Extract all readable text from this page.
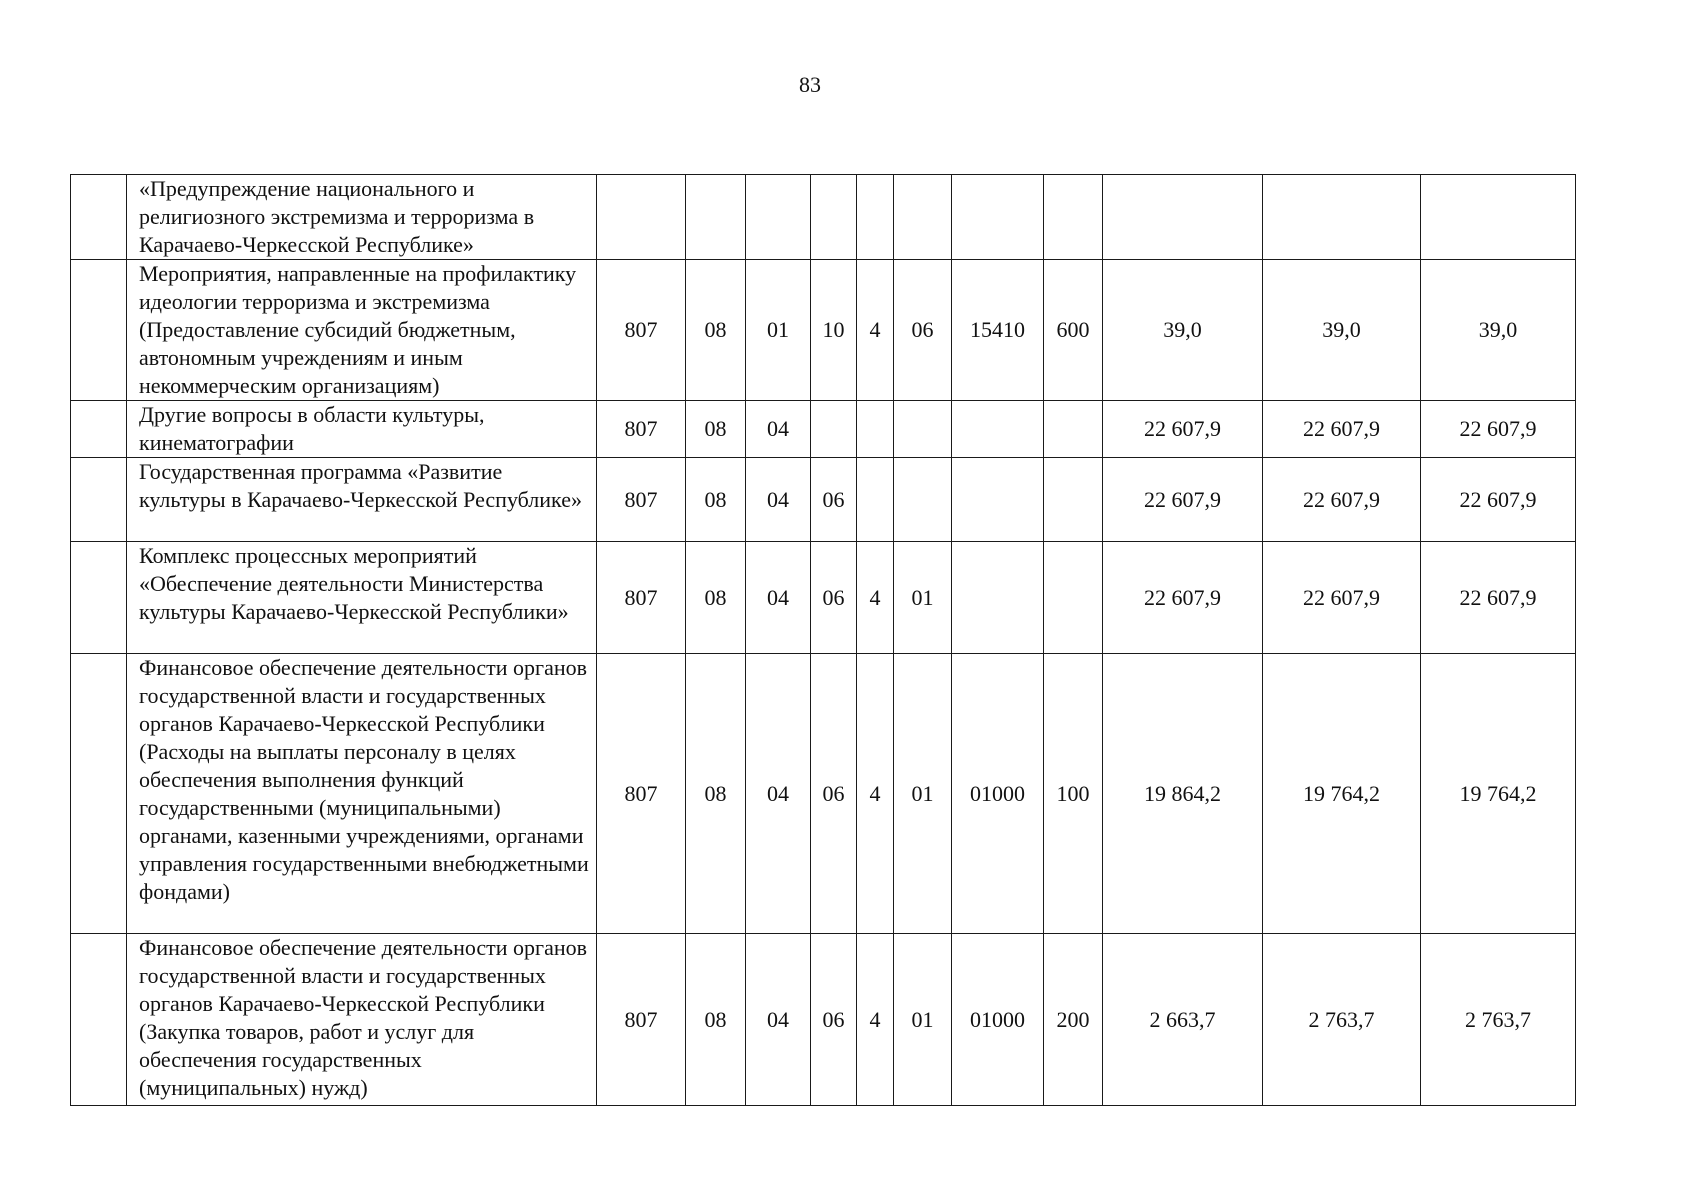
83
	«Предупреждение национального и религиозного экстремизма и терроризма в Карачаево-Черкесской Республике»											
	Мероприятия, направленные на профилактику идеологии терроризма и экстремизма (Предоставление субсидий бюджетным, автономным учреждениям и иным некоммерческим организациям)	807	08	01	10	4	06	15410	600	39,0	39,0	39,0
	Другие вопросы в области культуры, кинематографии	807	08	04						22 607,9	22 607,9	22 607,9
	Государственная программа «Развитие культуры в Карачаево-Черкесской Республике»	807	08	04	06					22 607,9	22 607,9	22 607,9
	Комплекс процессных мероприятий «Обеспечение деятельности Министерства культуры Карачаево-Черкесской Республики»	807	08	04	06	4	01			22 607,9	22 607,9	22 607,9
	Финансовое обеспечение деятельности органов государственной власти и государственных органов Карачаево-Черкесской Республики (Расходы на выплаты персоналу в целях обеспечения выполнения функций государственными (муниципальными) органами, казенными учреждениями, органами управления государственными внебюджетными фондами)	807	08	04	06	4	01	01000	100	19 864,2	19 764,2	19 764,2
	Финансовое обеспечение деятельности органов государственной власти и государственных органов Карачаево-Черкесской Республики (Закупка товаров, работ и услуг для обеспечения государственных (муниципальных) нужд)	807	08	04	06	4	01	01000	200	2 663,7	2 763,7	2 763,7
